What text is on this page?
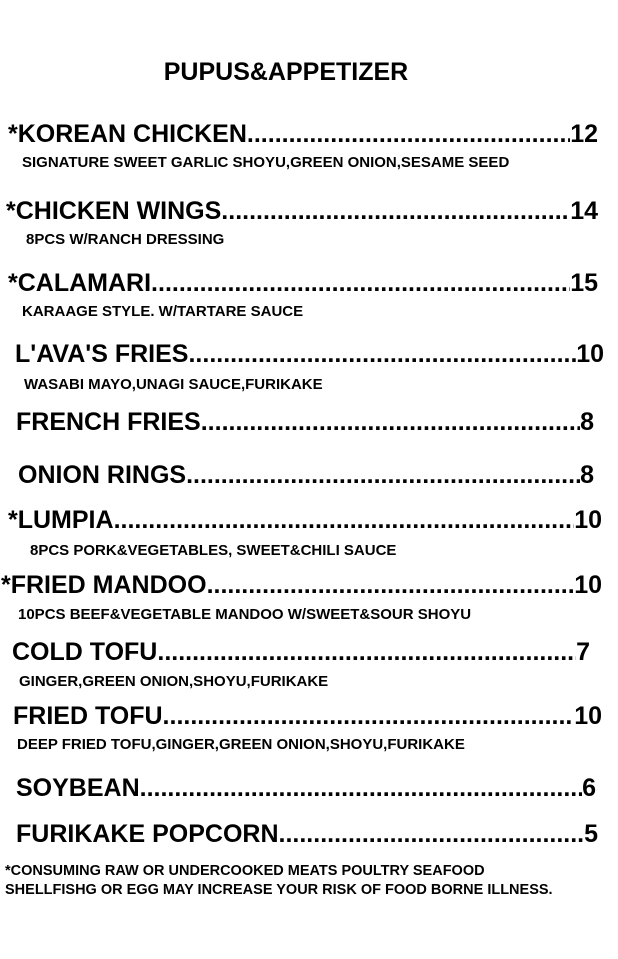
PUPUS&APPETIZER
*KOREAN CHICKEN .....	12
SIGNATURE SWEET GARLIC SHOYU,GREEN ONION,SESAME SEED
*CHICKEN WINGS .....	14
8PCS W/RANCH DRESSING
*CALAMARI .....	15
KARAAGE STYLE. W/TARTARE SAUCE
L'AVA'S FRIES .....	10
WASABI MAYO,UNAGI SAUCE,FURIKAKE
FRENCH FRIES .....	8
ONION RINGS .....	8
*LUMPIA .....	10
8PCS PORK&VEGETABLES, SWEET&CHILI SAUCE
*FRIED MANDOO .....	10
10PCS BEEF&VEGETABLE MANDOO W/SWEET&SOUR SHOYU
COLD TOFU .....	7
GINGER,GREEN ONION,SHOYU,FURIKAKE
FRIED TOFU .....	10
DEEP FRIED TOFU,GINGER,GREEN ONION,SHOYU,FURIKAKE
SOYBEAN .....	6
FURIKAKE POPCORN .....	5
*CONSUMING RAW OR UNDERCOOKED MEATS POULTRY SEAFOOD
SHELLFISHG OR EGG MAY INCREASE YOUR RISK OF FOOD BORNE ILLNESS.
